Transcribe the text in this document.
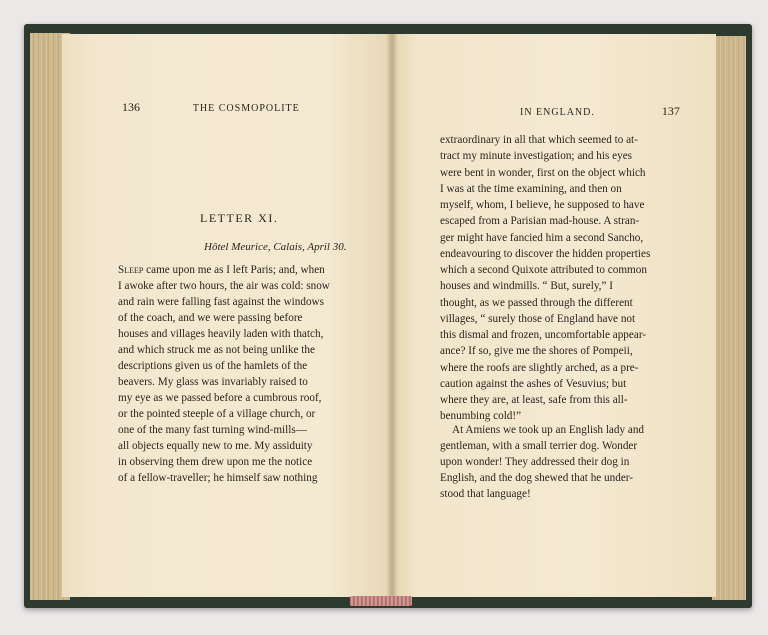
136	THE COSMOPOLITE
LETTER XI.
Hôtel Meurice, Calais, April 30.
Sleep came upon me as I left Paris; and, when
I awoke after two hours, the air was cold: snow
and rain were falling fast against the windows
of the coach, and we were passing before
houses and villages heavily laden with thatch,
and which struck me as not being unlike the
descriptions given us of the hamlets of the
beavers. My glass was invariably raised to
my eye as we passed before a cumbrous roof,
or the pointed steeple of a village church, or
one of the many fast turning wind-mills—
all objects equally new to me. My assiduity
in observing them drew upon me the notice
of a fellow-traveller; he himself saw nothing
IN ENGLAND.	137
extraordinary in all that which seemed to at-
tract my minute investigation; and his eyes
were bent in wonder, first on the object which
I was at the time examining, and then on
myself, whom, I believe, he supposed to have
escaped from a Parisian mad-house. A stran-
ger might have fancied him a second Sancho,
endeavouring to discover the hidden properties
which a second Quixote attributed to common
houses and windmills. “ But, surely,” I
thought, as we passed through the different
villages, “ surely those of England have not
this dismal and frozen, uncomfortable appear-
ance? If so, give me the shores of Pompeii,
where the roofs are slightly arched, as a pre-
caution against the ashes of Vesuvius; but
where they are, at least, safe from this all-
benumbing cold!”
At Amiens we took up an English lady and
gentleman, with a small terrier dog. Wonder
upon wonder! They addressed their dog in
English, and the dog shewed that he under-
stood that language!
